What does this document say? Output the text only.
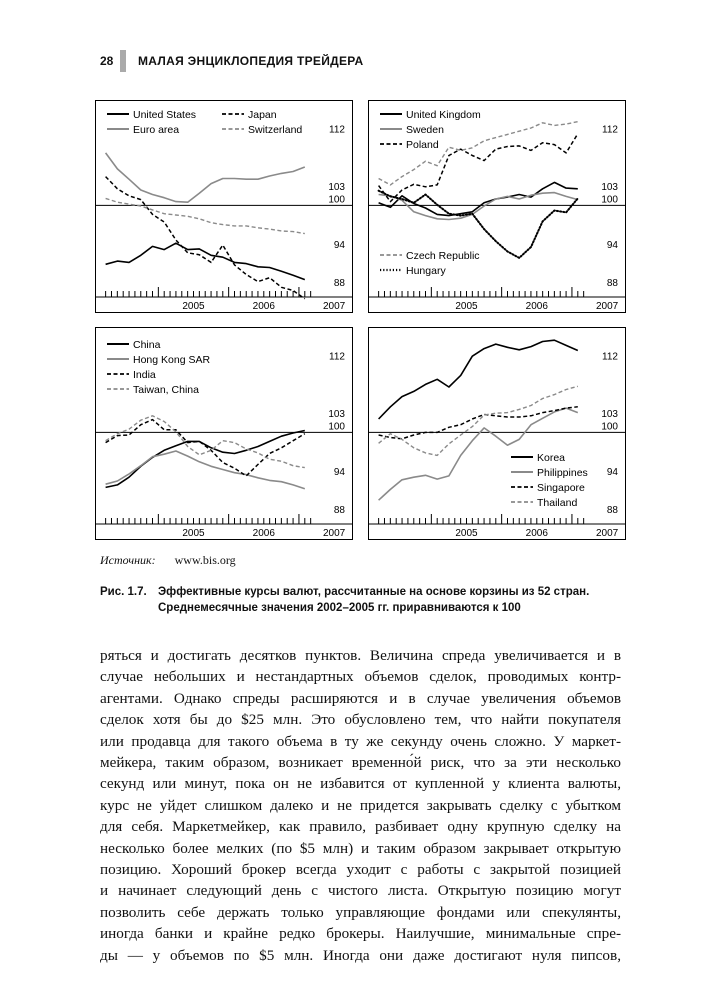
28 МАЛАЯ ЭНЦИКЛОПЕДИЯ ТРЕЙДЕРА
112
103
100
94
88
2005	2006	2007
United States
Euro area
Japan
Switzerland	112
103
100
94
88
2005	2006	2007
United Kingdom
Sweden
Poland
Czech Republic
Hungary
112
103
100
94
88
2005	2006	2007
China
Hong Kong SAR
India
Taiwan, China
112
103
100
94
88
2005	2006	2007
Korea
Philippines
Singapore
Thailand
Источник: www.bis.org
Рис. 1.7. Эффективные курсы валют, рассчитанные на основе корзины из 52 стран. Среднемесячные значения 2002–2005 гг. приравниваются к 100
ряться и достигать десятков пунктов. Величина спреда увеличивается и в
случае небольших и нестандартных объемов сделок, проводимых контр-
агентами. Однако спреды расширяются и в случае увеличения объемов
сделок хотя бы до $25 млн. Это обусловлено тем, что найти покупателя
или продавца для такого объема в ту же секунду очень сложно. У маркет-
мейкера, таким образом, возникает временно́й риск, что за эти несколько
секунд или минут, пока он не избавится от купленной у клиента валюты,
курс не уйдет слишком далеко и не придется закрывать сделку с убытком
для себя. Маркетмейкер, как правило, разбивает одну крупную сделку на
несколько более мелких (по $5 млн) и таким образом закрывает открытую
позицию. Хороший брокер всегда уходит с работы с закрытой позицией
и начинает следующий день с чистого листа. Открытую позицию могут
позволить себе держать только управляющие фондами или спекулянты,
иногда банки и крайне редко брокеры. Наилучшие, минимальные спре-
ды — у объемов по $5 млн. Иногда они даже достигают нуля пипсов,
